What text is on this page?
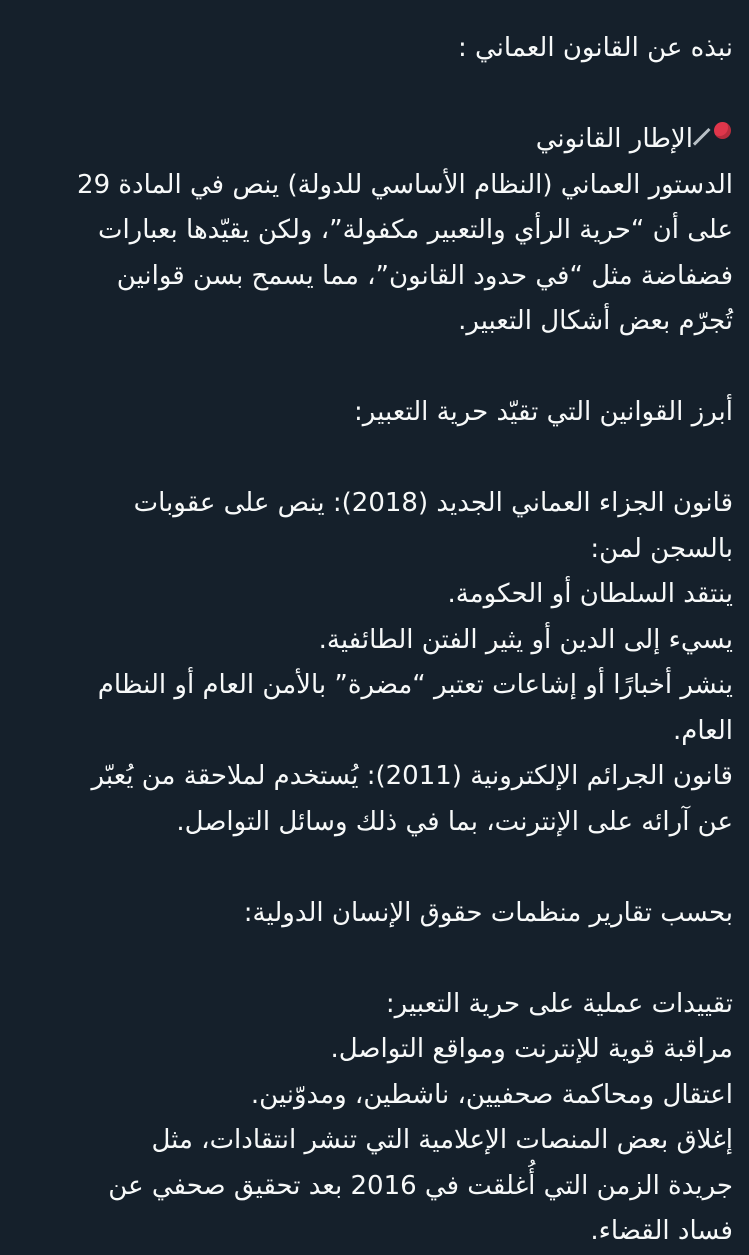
نبذه عن القانون العماني :
الإطار القانوني
الدستور العماني (النظام الأساسي للدولة) ينص في المادة 29
على أن “حرية الرأي والتعبير مكفولة”، ولكن يقيّدها بعبارات
فضفاضة مثل “في حدود القانون”، مما يسمح بسن قوانين
تُجرّم بعض أشكال التعبير.
أبرز القوانين التي تقيّد حرية التعبير:
قانون الجزاء العماني الجديد (2018): ينص على عقوبات
بالسجن لمن:
ينتقد السلطان أو الحكومة.
يسيء إلى الدين أو يثير الفتن الطائفية.
ينشر أخبارًا أو إشاعات تعتبر “مضرة” بالأمن العام أو النظام
العام.
قانون الجرائم الإلكترونية (2011): يُستخدم لملاحقة من يُعبّر
عن آرائه على الإنترنت، بما في ذلك وسائل التواصل.
بحسب تقارير منظمات حقوق الإنسان الدولية:
تقييدات عملية على حرية التعبير:
مراقبة قوية للإنترنت ومواقع التواصل.
اعتقال ومحاكمة صحفيين، ناشطين، ومدوّنين.
إغلاق بعض المنصات الإعلامية التي تنشر انتقادات، مثل
جريدة الزمن التي أُغلقت في 2016 بعد تحقيق صحفي عن
فساد القضاء.
